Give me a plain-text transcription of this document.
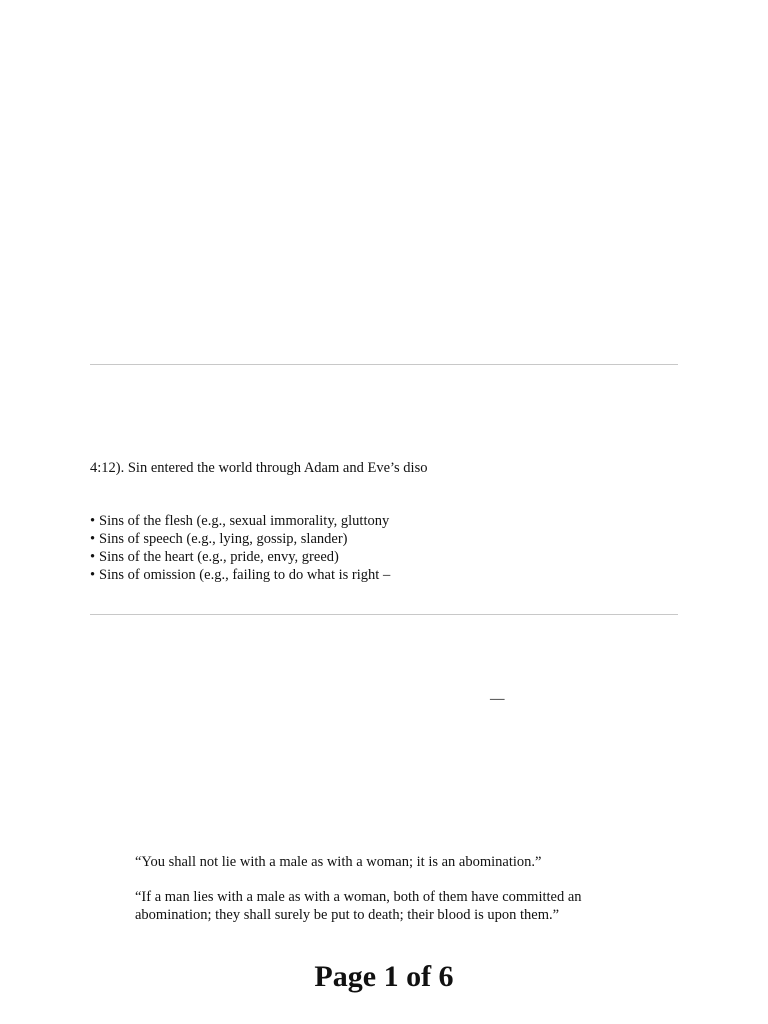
4:12). Sin entered the world through Adam and Eve’s diso
• Sins of the flesh (e.g., sexual immorality, gluttony
• Sins of speech (e.g., lying, gossip, slander)
• Sins of the heart (e.g., pride, envy, greed)
• Sins of omission (e.g., failing to do what is right –
—
“You shall not lie with a male as with a woman; it is an abomination.”
“If a man lies with a male as with a woman, both of them have committed an abomination; they shall surely be put to death; their blood is upon them.”
Page 1 of 6
